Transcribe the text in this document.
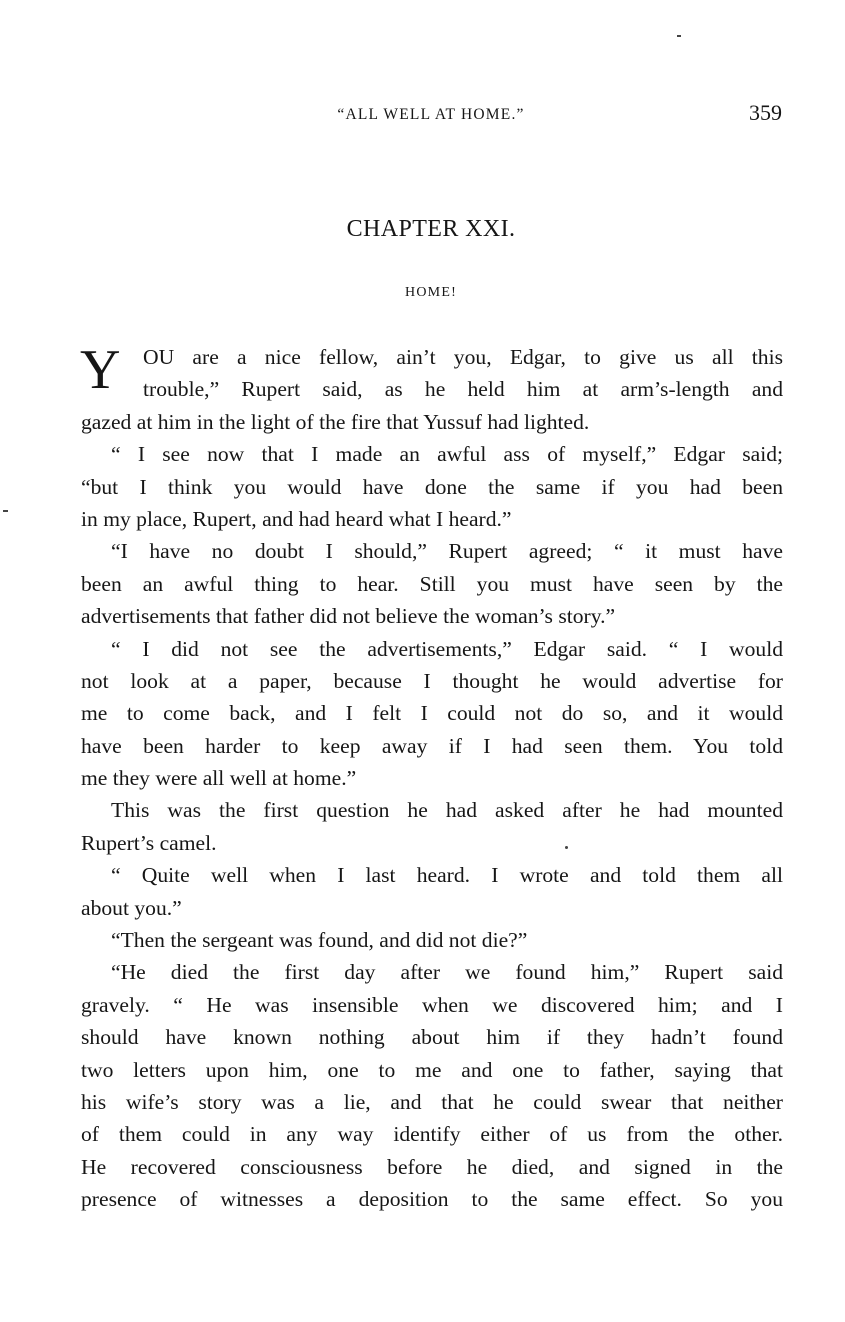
“ALL WELL AT HOME.”	359
CHAPTER XXI.
HOME!
Y	OU are a nice fellow, ain’t you, Edgar, to give us all this
trouble,” Rupert said, as he held him at arm’s-length and
gazed at him in the light of the fire that Yussuf had lighted.
“ I see now that I made an awful ass of myself,” Edgar said;
“but I think you would have done the same if you had been
in my place, Rupert, and had heard what I heard.”
“I have no doubt I should,” Rupert agreed; “ it must have
been an awful thing to hear. Still you must have seen by the
advertisements that father did not believe the woman’s story.”
“ I did not see the advertisements,” Edgar said. “ I would
not look at a paper, because I thought he would advertise for
me to come back, and I felt I could not do so, and it would
have been harder to keep away if I had seen them. You told
me they were all well at home.”
This was the first question he had asked after he had mounted
Rupert’s camel.
“ Quite well when I last heard. I wrote and told them all
about you.”
“Then the sergeant was found, and did not die?”
“He died the first day after we found him,” Rupert said
gravely. “ He was insensible when we discovered him; and I
should have known nothing about him if they hadn’t found
two letters upon him, one to me and one to father, saying that
his wife’s story was a lie, and that he could swear that neither
of them could in any way identify either of us from the other.
He recovered consciousness before he died, and signed in the
presence of witnesses a deposition to the same effect. So you
